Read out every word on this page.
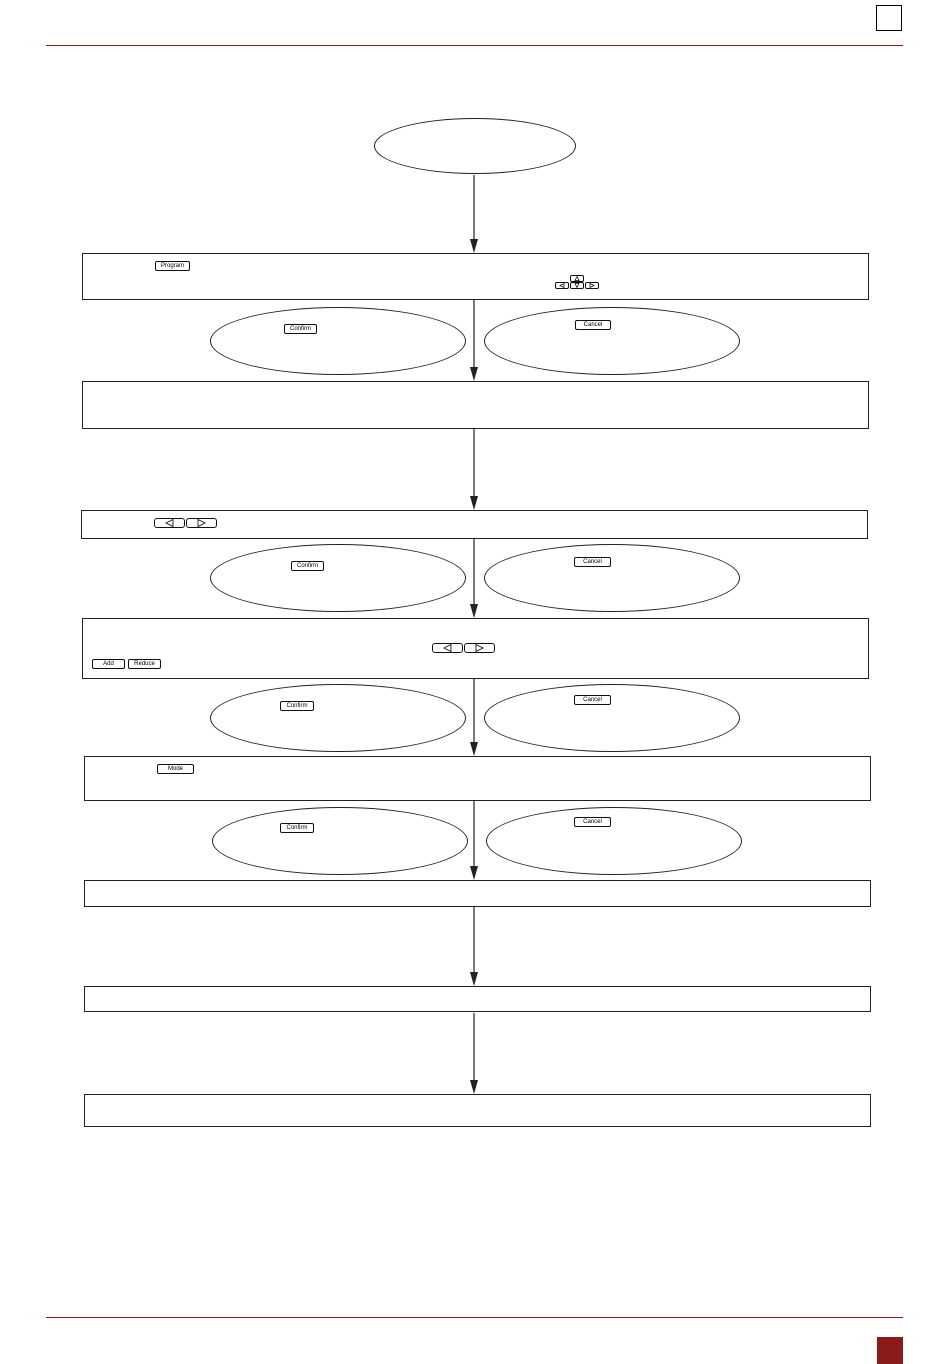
Program
Confirm
Cancel
Confirm
Cancel
Add	Reduce
Confirm
Cancel
Mode
Confirm
Cancel
